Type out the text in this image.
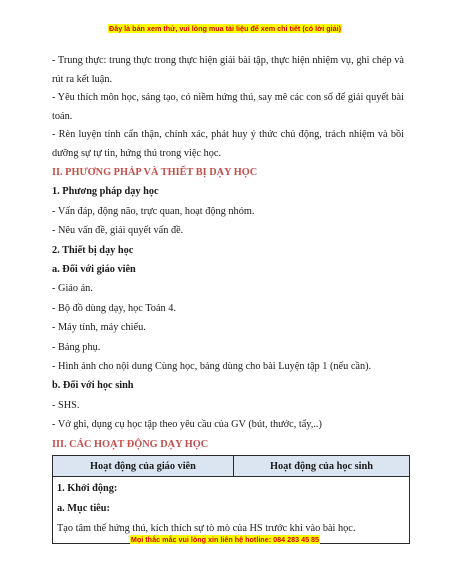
Đây là bản xem thử, vui lòng mua tài liệu để xem chi tiết (có lời giải)

- Trung thực: trung thực trong thực hiện giải bài tập, thực hiện nhiệm vụ, ghi chép và rút ra kết luận.

- Yêu thích môn học, sáng tạo, có niềm hứng thú, say mê các con số để giải quyết bài toán.

- Rèn luyện tính cẩn thận, chính xác, phát huy ý thức chủ động, trách nhiệm và bồi dưỡng sự tự tin, hứng thú trong việc học.

II. PHƯƠNG PHÁP VÀ THIẾT BỊ DẠY HỌC

1. Phương pháp dạy học

- Vấn đáp, động não, trực quan, hoạt động nhóm.

- Nêu vấn đề, giải quyết vấn đề.

2. Thiết bị dạy học

a. Đối với giáo viên

- Giáo án.

- Bộ đồ dùng dạy, học Toán 4.

- Máy tính, máy chiếu.

- Bảng phụ.

- Hình ảnh cho nội dung Cùng học, bảng dùng cho bài Luyện tập 1 (nếu cần).

b. Đối với học sinh

- SHS.

- Vở ghi, dụng cụ học tập theo yêu cầu của GV (bút, thước, tẩy,..)

III. CÁC HOẠT ĐỘNG DẠY HỌC

Hoạt động của giáo viên	Hoạt động của học sinh

1. Khởi động:

a. Mục tiêu:

Tạo tâm thế hứng thú, kích thích sự tò mò của HS trước khi vào bài học.

Mọi thắc mắc vui lòng xin liên hệ hotline: 084 283 45 85
